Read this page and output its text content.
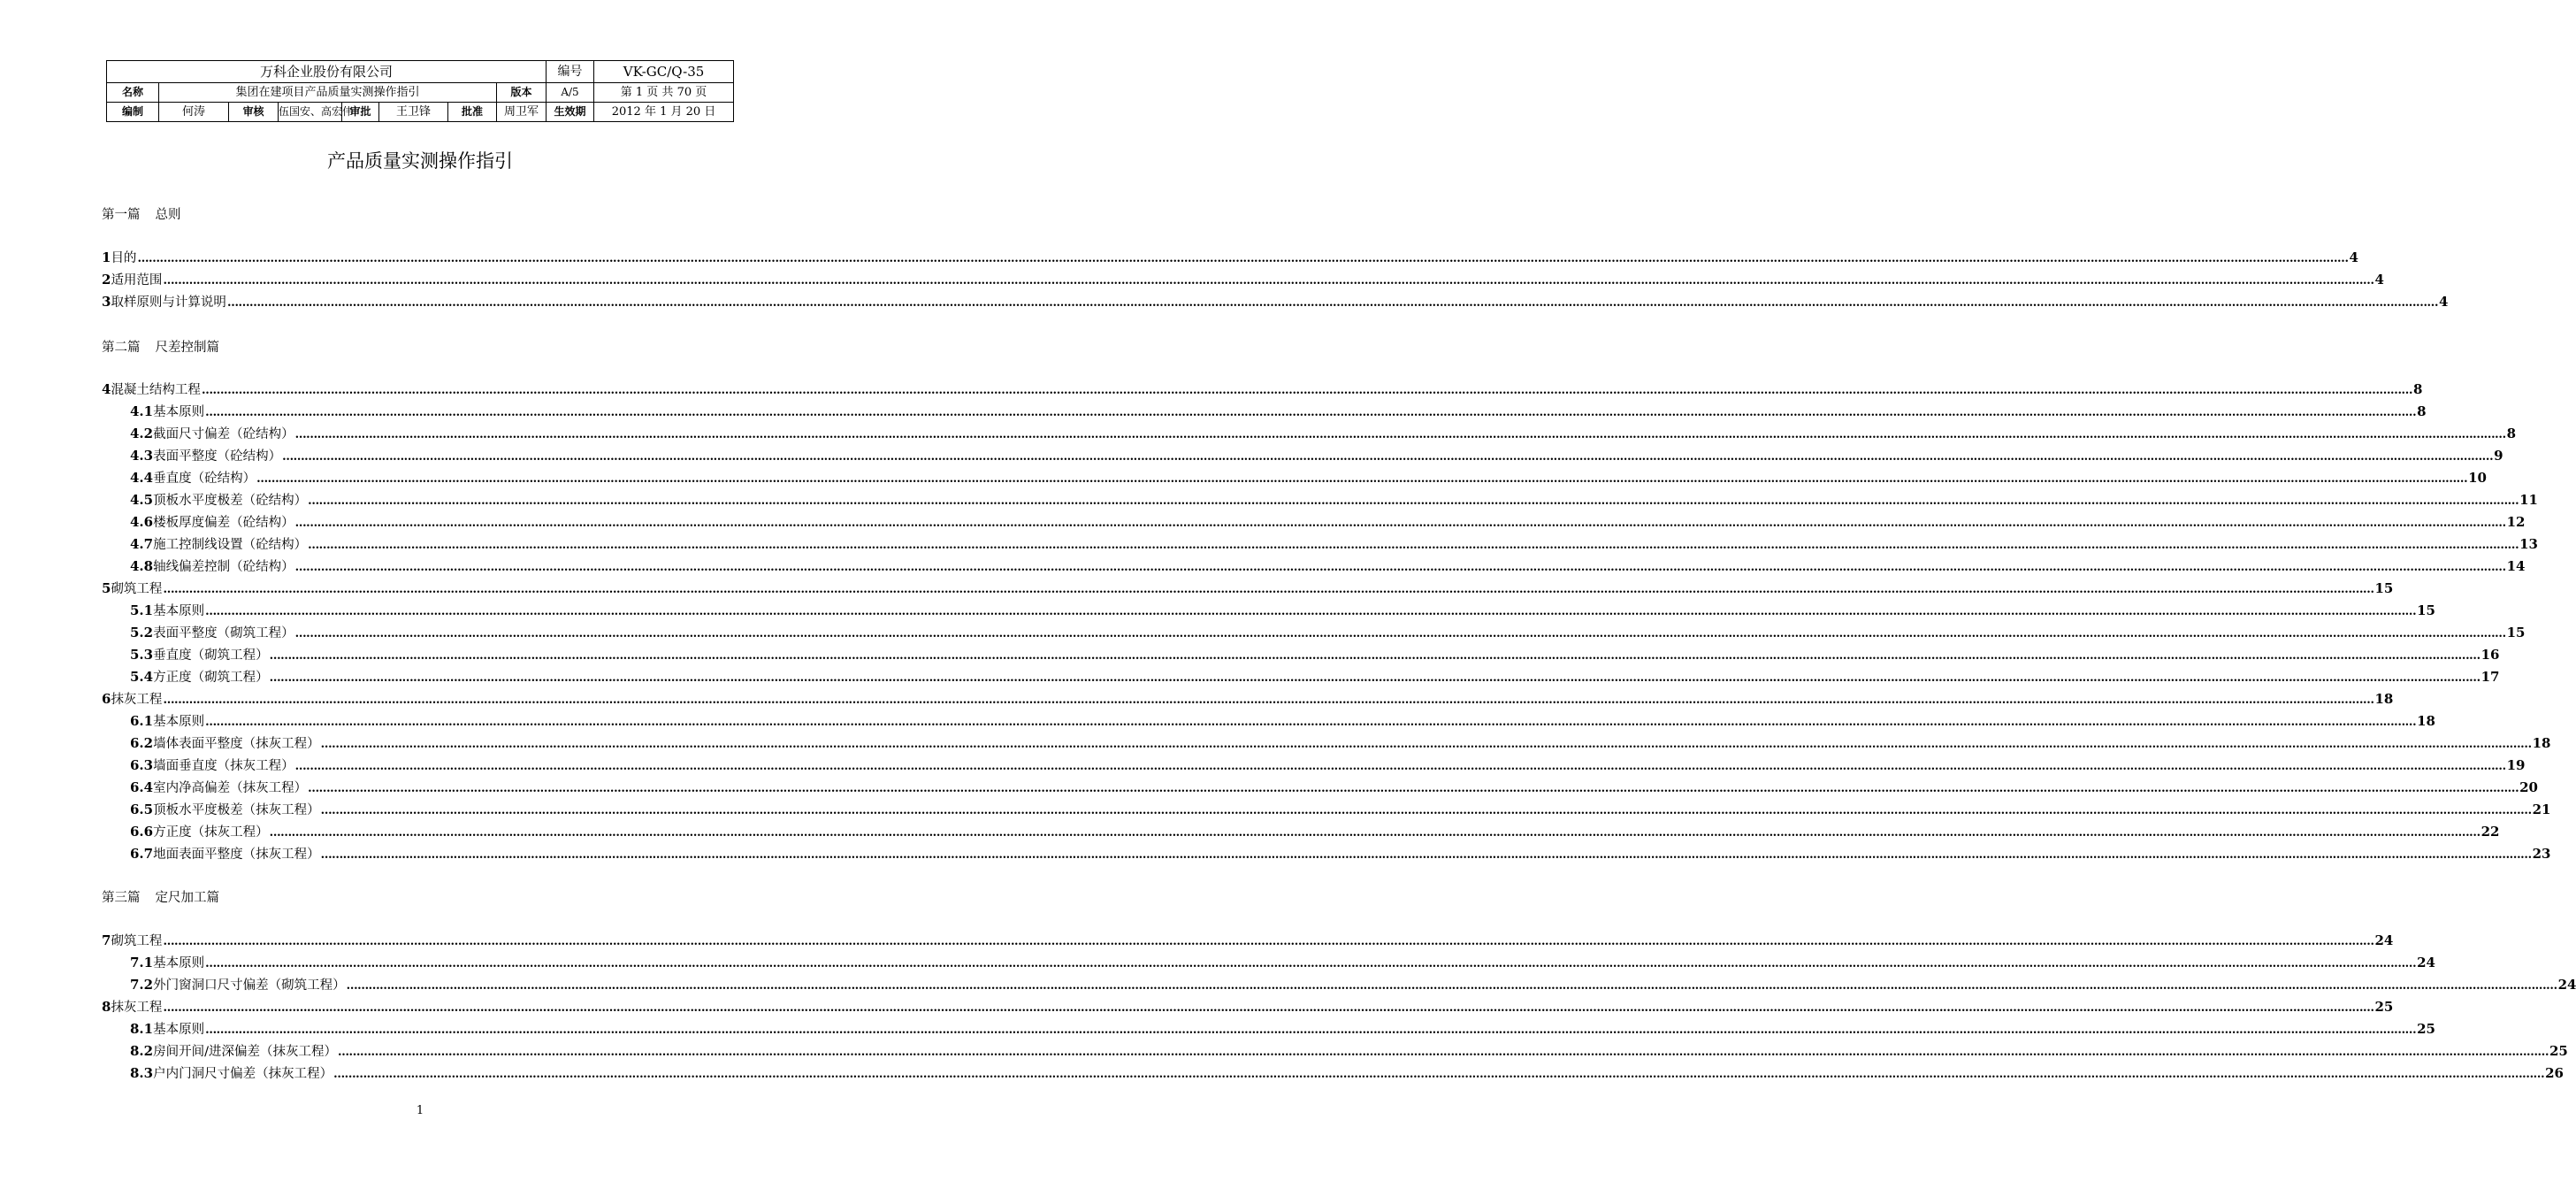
万科企业股份有限公司								编号	VK-GC/Q-35
名称	集团在建项目产品质量实测操作指引						版本	A/5	第 1 页 共 70 页
编制	何涛	审核	伍国安、高宏伟	审批	王卫锋	批准	周卫军	生效期	2012 年 1 月 20 日
产品质量实测操作指引
第一篇 总则
第二篇 尺差控制篇
第三篇 定尺加工篇
1 目的 …………………………………………………………………………………………………………………………………………………………………………………………………………………………………………………………………………………………………………………………………………………………………………………………………………………………………………………………………………………………………………………………………………………… 4
2 适用范围 …………………………………………………………………………………………………………………………………………………………………………………………………………………………………………………………………………………………………………………………………………………………………………………………………………………………………………………………………………………………………………………………………………………… 4
3 取样原则与计算说明 …………………………………………………………………………………………………………………………………………………………………………………………………………………………………………………………………………………………………………………………………………………………………………………………………………………………………………………………………………………………………………………………………………………… 4
4 混凝土结构工程 …………………………………………………………………………………………………………………………………………………………………………………………………………………………………………………………………………………………………………………………………………………………………………………………………………………………………………………………………………………………………………………………………………………… 8
4.1 基本原则 …………………………………………………………………………………………………………………………………………………………………………………………………………………………………………………………………………………………………………………………………………………………………………………………………………………………………………………………………………………………………………………………………………………… 8
4.2 截面尺寸偏差（砼结构） …………………………………………………………………………………………………………………………………………………………………………………………………………………………………………………………………………………………………………………………………………………………………………………………………………………………………………………………………………………………………………………………………………………… 8
4.3 表面平整度（砼结构） …………………………………………………………………………………………………………………………………………………………………………………………………………………………………………………………………………………………………………………………………………………………………………………………………………………………………………………………………………………………………………………………………………………… 9
4.4 垂直度（砼结构） …………………………………………………………………………………………………………………………………………………………………………………………………………………………………………………………………………………………………………………………………………………………………………………………………………………………………………………………………………………………………………………………………………………… 10
4.5 顶板水平度极差（砼结构） …………………………………………………………………………………………………………………………………………………………………………………………………………………………………………………………………………………………………………………………………………………………………………………………………………………………………………………………………………………………………………………………………………………… 11
4.6 楼板厚度偏差（砼结构） …………………………………………………………………………………………………………………………………………………………………………………………………………………………………………………………………………………………………………………………………………………………………………………………………………………………………………………………………………………………………………………………………………………… 12
4.7 施工控制线设置（砼结构） …………………………………………………………………………………………………………………………………………………………………………………………………………………………………………………………………………………………………………………………………………………………………………………………………………………………………………………………………………………………………………………………………………………… 13
4.8 轴线偏差控制（砼结构） …………………………………………………………………………………………………………………………………………………………………………………………………………………………………………………………………………………………………………………………………………………………………………………………………………………………………………………………………………………………………………………………………………………… 14
5 砌筑工程 …………………………………………………………………………………………………………………………………………………………………………………………………………………………………………………………………………………………………………………………………………………………………………………………………………………………………………………………………………………………………………………………………………………… 15
5.1 基本原则 …………………………………………………………………………………………………………………………………………………………………………………………………………………………………………………………………………………………………………………………………………………………………………………………………………………………………………………………………………………………………………………………………………………… 15
5.2 表面平整度（砌筑工程） …………………………………………………………………………………………………………………………………………………………………………………………………………………………………………………………………………………………………………………………………………………………………………………………………………………………………………………………………………………………………………………………………………………… 15
5.3 垂直度（砌筑工程） …………………………………………………………………………………………………………………………………………………………………………………………………………………………………………………………………………………………………………………………………………………………………………………………………………………………………………………………………………………………………………………………………………………… 16
5.4 方正度（砌筑工程） …………………………………………………………………………………………………………………………………………………………………………………………………………………………………………………………………………………………………………………………………………………………………………………………………………………………………………………………………………………………………………………………………………………… 17
6 抹灰工程 …………………………………………………………………………………………………………………………………………………………………………………………………………………………………………………………………………………………………………………………………………………………………………………………………………………………………………………………………………………………………………………………………………………… 18
6.1 基本原则 …………………………………………………………………………………………………………………………………………………………………………………………………………………………………………………………………………………………………………………………………………………………………………………………………………………………………………………………………………………………………………………………………………………… 18
6.2 墙体表面平整度（抹灰工程） …………………………………………………………………………………………………………………………………………………………………………………………………………………………………………………………………………………………………………………………………………………………………………………………………………………………………………………………………………………………………………………………………………………… 18
6.3 墙面垂直度（抹灰工程） …………………………………………………………………………………………………………………………………………………………………………………………………………………………………………………………………………………………………………………………………………………………………………………………………………………………………………………………………………………………………………………………………………………… 19
6.4 室内净高偏差（抹灰工程） …………………………………………………………………………………………………………………………………………………………………………………………………………………………………………………………………………………………………………………………………………………………………………………………………………………………………………………………………………………………………………………………………………………… 20
6.5 顶板水平度极差（抹灰工程） …………………………………………………………………………………………………………………………………………………………………………………………………………………………………………………………………………………………………………………………………………………………………………………………………………………………………………………………………………………………………………………………………………………… 21
6.6 方正度（抹灰工程） …………………………………………………………………………………………………………………………………………………………………………………………………………………………………………………………………………………………………………………………………………………………………………………………………………………………………………………………………………………………………………………………………………………… 22
6.7 地面表面平整度（抹灰工程） …………………………………………………………………………………………………………………………………………………………………………………………………………………………………………………………………………………………………………………………………………………………………………………………………………………………………………………………………………………………………………………………………………………… 23
7 砌筑工程 …………………………………………………………………………………………………………………………………………………………………………………………………………………………………………………………………………………………………………………………………………………………………………………………………………………………………………………………………………………………………………………………………………………… 24
7.1 基本原则 …………………………………………………………………………………………………………………………………………………………………………………………………………………………………………………………………………………………………………………………………………………………………………………………………………………………………………………………………………………………………………………………………………………… 24
7.2 外门窗洞口尺寸偏差（砌筑工程） …………………………………………………………………………………………………………………………………………………………………………………………………………………………………………………………………………………………………………………………………………………………………………………………………………………………………………………………………………………………………………………………………………………… 24
8 抹灰工程 …………………………………………………………………………………………………………………………………………………………………………………………………………………………………………………………………………………………………………………………………………………………………………………………………………………………………………………………………………………………………………………………………………………… 25
8.1 基本原则 …………………………………………………………………………………………………………………………………………………………………………………………………………………………………………………………………………………………………………………………………………………………………………………………………………………………………………………………………………………………………………………………………………………… 25
8.2 房间开间/进深偏差（抹灰工程） …………………………………………………………………………………………………………………………………………………………………………………………………………………………………………………………………………………………………………………………………………………………………………………………………………………………………………………………………………………………………………………………………………………… 25
8.3 户内门洞尺寸偏差（抹灰工程） …………………………………………………………………………………………………………………………………………………………………………………………………………………………………………………………………………………………………………………………………………………………………………………………………………………………………………………………………………………………………………………………………………………… 26
1
